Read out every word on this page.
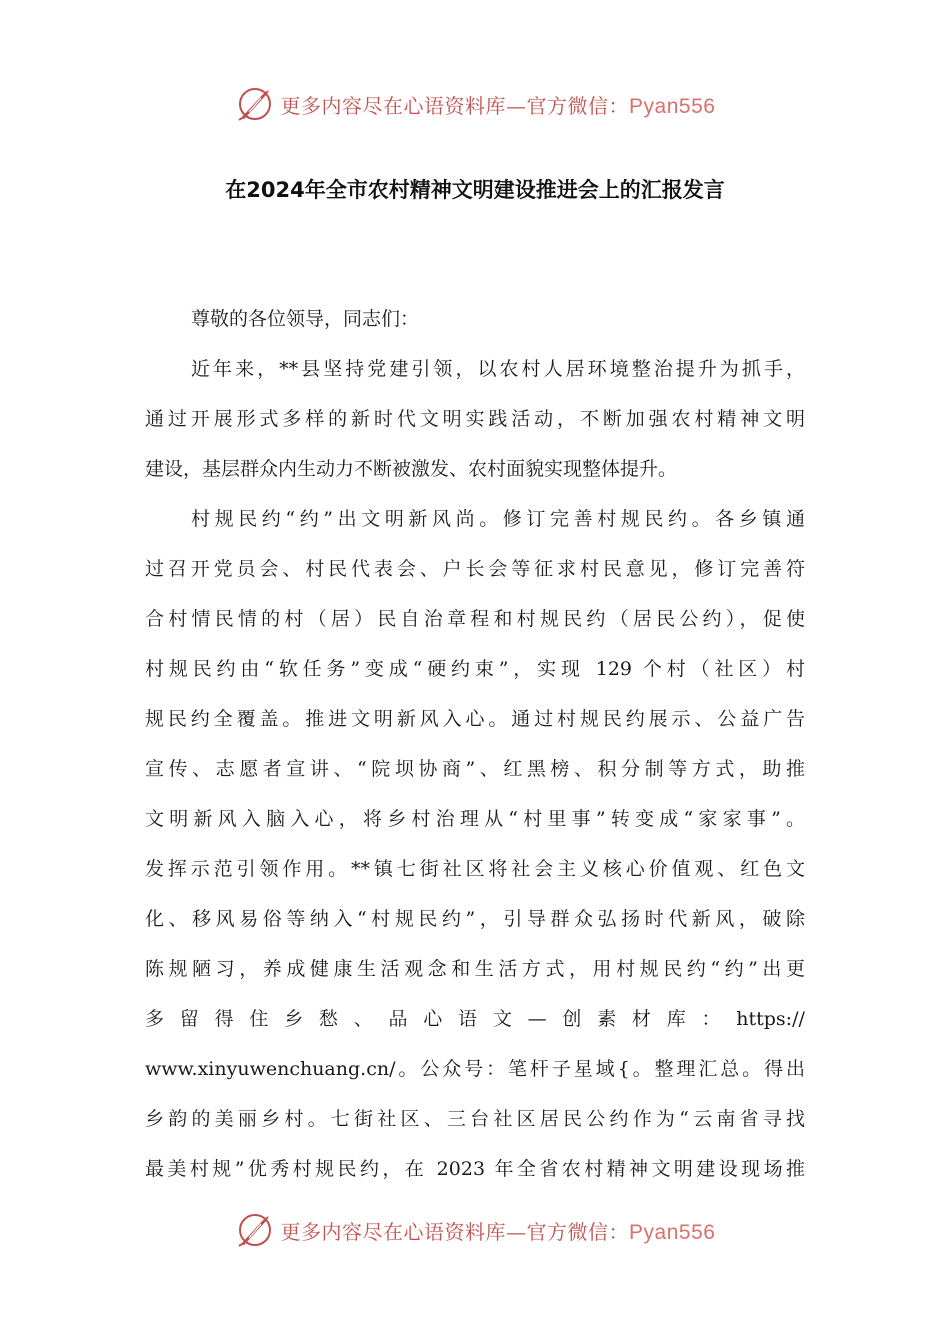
更多内容尽在心语资料库—官方微信：Pyan556
在2024年全市农村精神文明建设推进会上的汇报发言
尊敬的各位领导，同志们：
近年来，**县坚持党建引领，以农村人居环境整治提升为抓手，
通过开展形式多样的新时代文明实践活动，不断加强农村精神文明
建设，基层群众内生动力不断被激发、农村面貌实现整体提升。
村规民约“约”出文明新风尚。修订完善村规民约。各乡镇通
过召开党员会、村民代表会、户长会等征求村民意见，修订完善符
合村情民情的村（居）民自治章程和村规民约（居民公约），促使
村规民约由“软任务”变成“硬约束”，实现 129 个村（社区）村
规民约全覆盖。推进文明新风入心。通过村规民约展示、公益广告
宣传、志愿者宣讲、“院坝协商”、红黑榜、积分制等方式，助推
文明新风入脑入心，将乡村治理从“村里事”转变成“家家事”。
发挥示范引领作用。**镇七街社区将社会主义核心价值观、红色文
化、移风易俗等纳入“村规民约”，引导群众弘扬时代新风，破除
陈规陋习，养成健康生活观念和生活方式，用村规民约“约”出更
多 留 得 住 乡 愁 、 品 心 语 文 — 创 素 材 库 ： https://
www.xinyuwenchuang.cn/。公众号：笔杆子星域{。整理汇总。得出
乡韵的美丽乡村。七街社区、三台社区居民公约作为“云南省寻找
最美村规”优秀村规民约，在 2023 年全省农村精神文明建设现场推
更多内容尽在心语资料库—官方微信：Pyan556
